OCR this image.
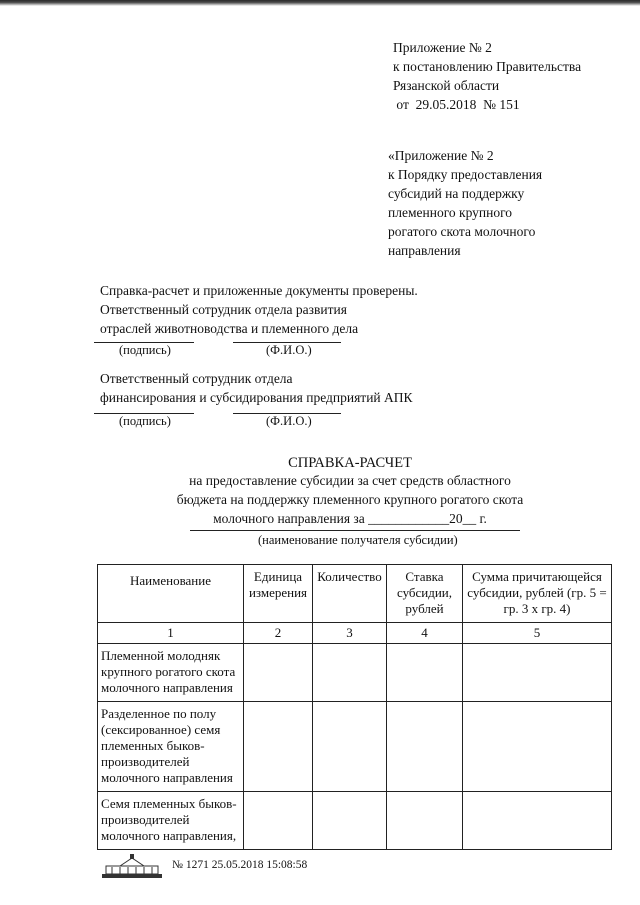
Приложение № 2
к постановлению Правительства
Рязанской области
от  29.05.2018  № 151
«Приложение № 2
к Порядку предоставления
субсидий на поддержку
племенного крупного
рогатого скота молочного
направления
Справка-расчет и приложенные документы проверены.
Ответственный сотрудник отдела развития
отраслей животноводства и племенного дела
(подпись)	(Ф.И.О.)
Ответственный сотрудник отдела
финансирования и субсидирования предприятий АПК
(подпись)	(Ф.И.О.)
СПРАВКА-РАСЧЕТ
на предоставление субсидии за счет средств областного
бюджета на поддержку племенного крупного рогатого скота
молочного направления за ____________20__ г.
(наименование получателя субсидии)
Наименование	Единица измерения	Количество	Ставка субсидии, рублей	Сумма причитающейся субсидии, рублей (гр. 5 = гр. 3 x гр. 4)
1	2	3	4	5
Племенной молодняк крупного рогатого скота молочного направления				
Разделенное по полу (сексированное) семя племенных быков-производителей молочного направления				
Семя племенных быков-производителей молочного направления,				
№ 1271 25.05.2018 15:08:58
